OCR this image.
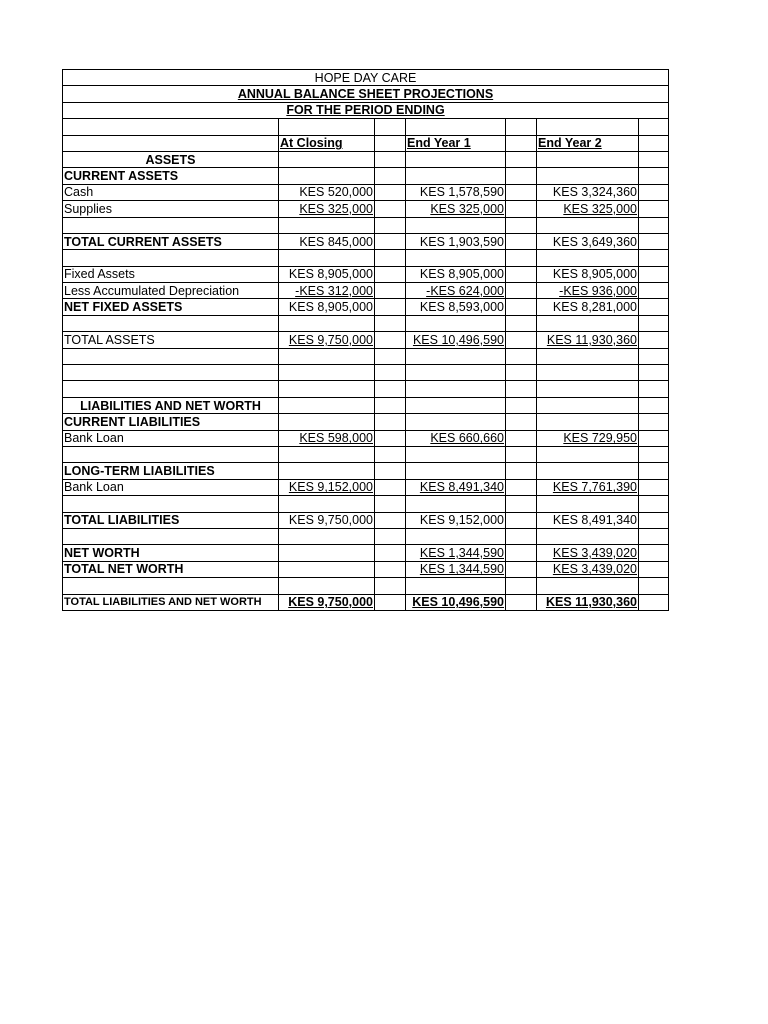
HOPE DAY CARE						
ANNUAL BALANCE SHEET PROJECTIONS						
FOR THE PERIOD ENDING						

	At Closing		End Year 1		End Year 2	
ASSETS						
CURRENT ASSETS						
Cash	KES 520,000		KES 1,578,590		KES 3,324,360	
Supplies	KES 325,000		KES 325,000		KES 325,000	

TOTAL CURRENT ASSETS	KES 845,000		KES 1,903,590		KES 3,649,360	

Fixed Assets	KES 8,905,000		KES 8,905,000		KES 8,905,000	
Less Accumulated Depreciation	-KES 312,000		-KES 624,000		-KES 936,000	
NET FIXED ASSETS	KES 8,905,000		KES 8,593,000		KES 8,281,000	

TOTAL ASSETS	KES 9,750,000		KES 10,496,590		KES 11,930,360	

LIABILITIES AND NET WORTH						
CURRENT LIABILITIES						
Bank Loan	KES 598,000		KES 660,660		KES 729,950	

LONG-TERM LIABILITIES						
Bank Loan	KES 9,152,000		KES 8,491,340		KES 7,761,390	

TOTAL LIABILITIES	KES 9,750,000		KES 9,152,000		KES 8,491,340	

NET WORTH			KES 1,344,590		KES 3,439,020	
TOTAL NET WORTH			KES 1,344,590		KES 3,439,020	

TOTAL LIABILITIES AND NET WORTH	KES 9,750,000		KES 10,496,590		KES 11,930,360	
